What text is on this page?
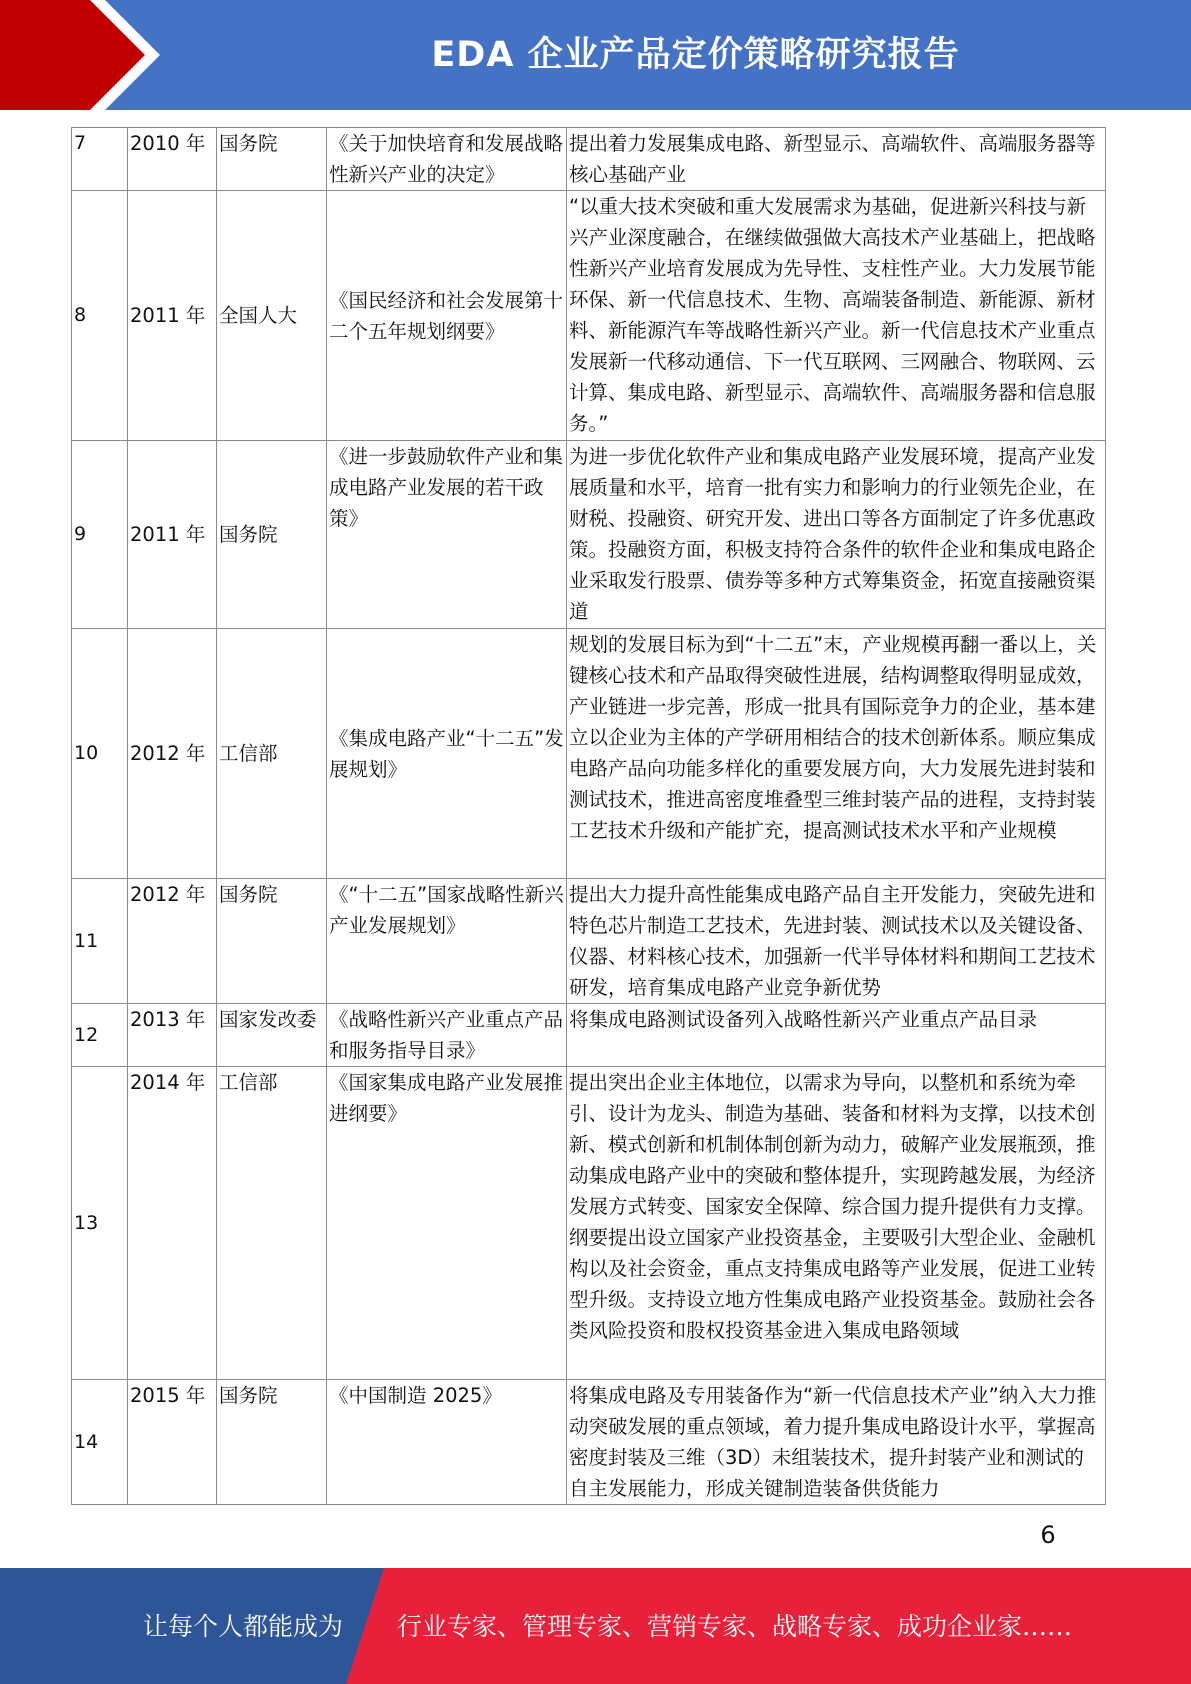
EDA 企业产品定价策略研究报告
7	2010 年	国务院	《关于加快培育和发展战略性新兴产业的决定》	提出着力发展集成电路、新型显示、高端软件、高端服务器等核心基础产业
8	2011 年	全国人大	《国民经济和社会发展第十二个五年规划纲要》	“以重大技术突破和重大发展需求为基础，促进新兴科技与新兴产业深度融合，在继续做强做大高技术产业基础上，把战略性新兴产业培育发展成为先导性、支柱性产业。大力发展节能环保、新一代信息技术、生物、高端装备制造、新能源、新材料、新能源汽车等战略性新兴产业。新一代信息技术产业重点发展新一代移动通信、下一代互联网、三网融合、物联网、云计算、集成电路、新型显示、高端软件、高端服务器和信息服务。”
9	2011 年	国务院	《进一步鼓励软件产业和集成电路产业发展的若干政策》	为进一步优化软件产业和集成电路产业发展环境，提高产业发展质量和水平，培育一批有实力和影响力的行业领先企业，在财税、投融资、研究开发、进出口等各方面制定了许多优惠政策。投融资方面，积极支持符合条件的软件企业和集成电路企业采取发行股票、债券等多种方式筹集资金，拓宽直接融资渠道
10	2012 年	工信部	《集成电路产业“十二五”发展规划》	规划的发展目标为到“十二五”末，产业规模再翻一番以上，关键核心技术和产品取得突破性进展，结构调整取得明显成效，产业链进一步完善，形成一批具有国际竞争力的企业，基本建立以企业为主体的产学研用相结合的技术创新体系。顺应集成电路产品向功能多样化的重要发展方向，大力发展先进封装和测试技术，推进高密度堆叠型三维封装产品的进程，支持封装工艺技术升级和产能扩充，提高测试技术水平和产业规模
11	2012 年	国务院	《“十二五”国家战略性新兴产业发展规划》	提出大力提升高性能集成电路产品自主开发能力，突破先进和特色芯片制造工艺技术，先进封装、测试技术以及关键设备、仪器、材料核心技术，加强新一代半导体材料和期间工艺技术研发，培育集成电路产业竞争新优势
12	2013 年	国家发改委	《战略性新兴产业重点产品和服务指导目录》	将集成电路测试设备列入战略性新兴产业重点产品目录
13	2014 年	工信部	《国家集成电路产业发展推进纲要》	提出突出企业主体地位，以需求为导向，以整机和系统为牵引、设计为龙头、制造为基础、装备和材料为支撑，以技术创新、模式创新和机制体制创新为动力，破解产业发展瓶颈，推动集成电路产业中的突破和整体提升，实现跨越发展，为经济发展方式转变、国家安全保障、综合国力提升提供有力支撑。纲要提出设立国家产业投资基金，主要吸引大型企业、金融机构以及社会资金，重点支持集成电路等产业发展，促进工业转型升级。支持设立地方性集成电路产业投资基金。鼓励社会各类风险投资和股权投资基金进入集成电路领域
14	2015 年	国务院	《中国制造 2025》	将集成电路及专用装备作为“新一代信息技术产业”纳入大力推动突破发展的重点领域，着力提升集成电路设计水平，掌握高密度封装及三维（3D）未组装技术，提升封装产业和测试的自主发展能力，形成关键制造装备供货能力
6
让每个人都能成为 行业专家、管理专家、营销专家、战略专家、成功企业家……
